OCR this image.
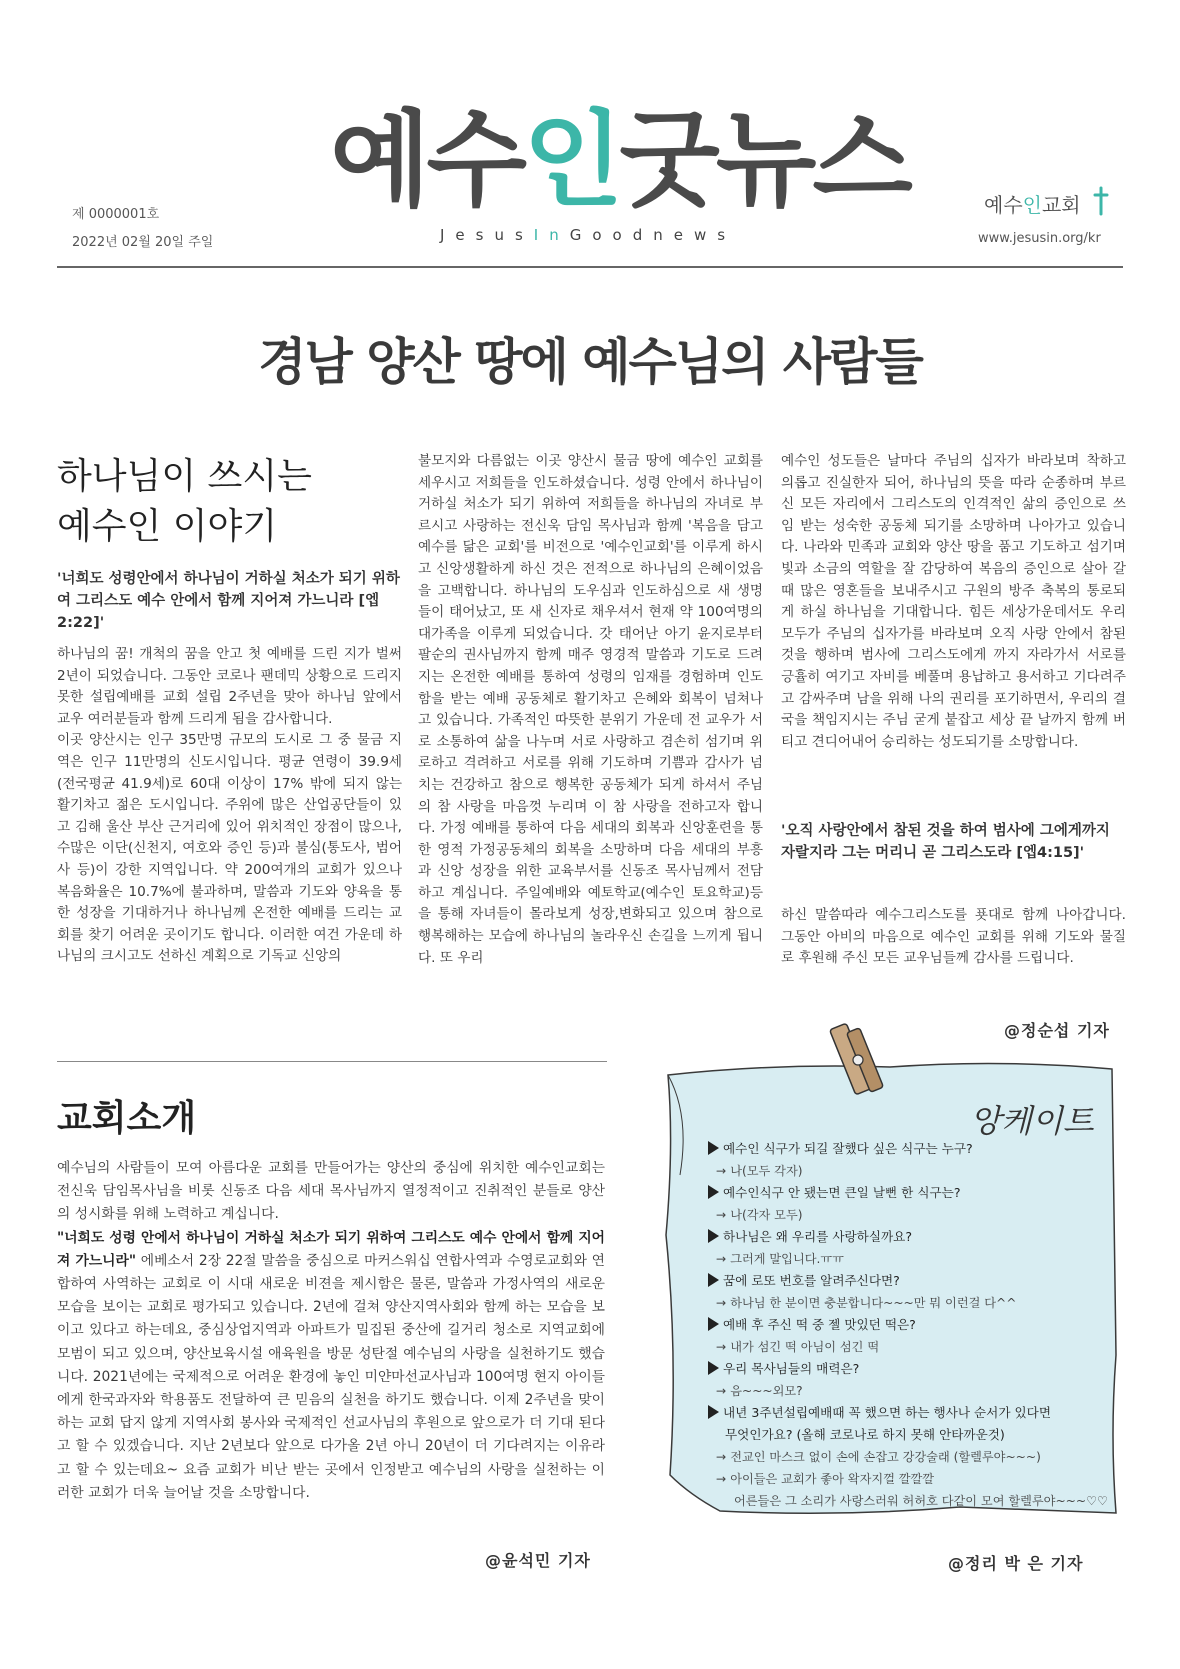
예수인굿뉴스
JesusInGoodnews
제 0000001호
2022년 02월 20일 주일
예수인교회
www.jesusin.org/kr
경남 양산 땅에 예수님의 사람들
하나님이 쓰시는
예수인 이야기
'너희도 성령안에서 하나님이 거하실 처소가 되기 위하여 그리스도 예수 안에서 함께 지어져 가느니라 [엡2:22]'

하나님의 꿈! 개척의 꿈을 안고 첫 예배를 드린 지가 벌써 2년이 되었습니다. 그동안 코로나 팬데믹 상황으로 드리지 못한 설립예배를 교회 설립 2주년을 맞아 하나님 앞에서 교우 여러분들과 함께 드리게 됨을 감사합니다.

이곳 양산시는 인구 35만명 규모의 도시로 그 중 물금 지역은 인구 11만명의 신도시입니다. 평균 연령이 39.9세(전국평균 41.9세)로 60대 이상이 17% 밖에 되지 않는 활기차고 젊은 도시입니다. 주위에 많은 산업공단들이 있고 김해 울산 부산 근거리에 있어 위치적인 장점이 많으나, 수많은 이단(신천지, 여호와 증인 등)과 불심(통도사, 범어사 등)이 강한 지역입니다. 약 200여개의 교회가 있으나 복음화율은 10.7%에 불과하며, 말씀과 기도와 양육을 통한 성장을 기대하거나 하나님께 온전한 예배를 드리는 교회를 찾기 어려운 곳이기도 합니다. 이러한 여건 가운데 하나님의 크시고도 선하신 계획으로 기독교 신앙의

불모지와 다름없는 이곳 양산시 물금 땅에 예수인 교회를 세우시고 저희들을 인도하셨습니다. 성령 안에서 하나님이 거하실 처소가 되기 위하여 저희들을 하나님의 자녀로 부르시고 사랑하는 전신욱 담임 목사님과 함께 '복음을 담고 예수를 닮은 교회'를 비전으로 '예수인교회'를 이루게 하시고 신앙생활하게 하신 것은 전적으로 하나님의 은혜이었음을 고백합니다. 하나님의 도우심과 인도하심으로 새 생명들이 태어났고, 또 새 신자로 채우셔서 현재 약 100여명의 대가족을 이루게 되었습니다. 갓 태어난 아기 윤지로부터 팔순의 권사님까지 함께 매주 영경적 말씀과 기도로 드려지는 온전한 예배를 통하여 성령의 임재를 경험하며 인도함을 받는 예배 공동체로 활기차고 은혜와 회복이 넘쳐나고 있습니다. 가족적인 따뜻한 분위기 가운데 전 교우가 서로 소통하여 삶을 나누며 서로 사랑하고 겸손히 섬기며 위로하고 격려하고 서로를 위해 기도하며 기쁨과 감사가 넘치는 건강하고 참으로 행복한 공동체가 되게 하셔서 주님의 참 사랑을 마음껏 누리며 이 참 사랑을 전하고자 합니다. 가정 예배를 통하여 다음 세대의 회복과 신앙훈련을 통한 영적 가정공동체의 회복을 소망하며 다음 세대의 부흥과 신앙 성장을 위한 교육부서를 신동조 목사님께서 전담하고 계십니다. 주일예배와 예토학교(예수인 토요학교)등을 통해 자녀들이 몰라보게 성장,변화되고 있으며 참으로 행복해하는 모습에 하나님의 놀라우신 손길을 느끼게 됩니다. 또 우리

예수인 성도들은 날마다 주님의 십자가 바라보며 착하고 의롭고 진실한자 되어, 하나님의 뜻을 따라 순종하며 부르신 모든 자리에서 그리스도의 인격적인 삶의 증인으로 쓰임 받는 성숙한 공동체 되기를 소망하며 나아가고 있습니다. 나라와 민족과 교회와 양산 땅을 품고 기도하고 섬기며 빛과 소금의 역할을 잘 감당하여 복음의 증인으로 살아 갈 때 많은 영혼들을 보내주시고 구원의 방주 축복의 통로되게 하실 하나님을 기대합니다. 힘든 세상가운데서도 우리 모두가 주님의 십자가를 바라보며 오직 사랑 안에서 참된 것을 행하며 범사에 그리스도에게 까지 자라가서 서로를 긍휼히 여기고 자비를 베풀며 용납하고 용서하고 기다려주고 감싸주며 남을 위해 나의 권리를 포기하면서, 우리의 결국을 책임지시는 주님 굳게 붙잡고 세상 끝 날까지 함께 버티고 견디어내어 승리하는 성도되기를 소망합니다.

'오직 사랑안에서 참된 것을 하여 범사에 그에게까지 자랄지라 그는 머리니 곧 그리스도라 [엡4:15]'

하신 말씀따라 예수그리스도를 푯대로 함께 나아갑니다. 그동안 아비의 마음으로 예수인 교회를 위해 기도와 물질로 후원해 주신 모든 교우님들께 감사를 드립니다.

@정순섭 기자
교회소개

예수님의 사람들이 모여 아름다운 교회를 만들어가는 양산의 중심에 위치한 예수인교회는 전신욱 담임목사님을 비롯 신동조 다음 세대 목사님까지 열정적이고 진취적인 분들로 양산의 성시화를 위해 노력하고 계십니다.
"너희도 성령 안에서 하나님이 거하실 처소가 되기 위하여 그리스도 예수 안에서 함께 지어져 가느니라" 에베소서 2장 22절 말씀을 중심으로 마커스워십 연합사역과 수영로교회와 연합하여 사역하는 교회로 이 시대 새로운 비젼을 제시함은 물론, 말씀과 가정사역의 새로운 모습을 보이는 교회로 평가되고 있습니다. 2년에 걸쳐 양산지역사회와 함께 하는 모습을 보이고 있다고 하는데요, 중심상업지역과 아파트가 밀집된 중산에 길거리 청소로 지역교회에 모범이 되고 있으며, 양산보육시설 애육원을 방문 성탄절 예수님의 사랑을 실천하기도 했습니다. 2021년에는 국제적으로 어려운 환경에 놓인 미얀마선교사님과 100여명 현지 아이들에게 한국과자와 학용품도 전달하여 큰 믿음의 실천을 하기도 했습니다. 이제 2주년을 맞이하는 교회 답지 않게 지역사회 봉사와 국제적인 선교사님의 후원으로 앞으로가 더 기대 된다고 할 수 있겠습니다. 지난 2년보다 앞으로 다가올 2년 아니 20년이 더 기다려지는 이유라고 할 수 있는데요~ 요즘 교회가 비난 받는 곳에서 인정받고 예수님의 사랑을 실천하는 이러한 교회가 더욱 늘어날 것을 소망합니다.

@윤석민 기자
앙케이트
예수인 식구가 되길 잘했다 싶은 식구는 누구?
→ 나(모두 각자)
예수인식구 안 됐는면 큰일 날뻔 한 식구는?
→ 나(각자 모두)
하나님은 왜 우리를 사랑하실까요?
→ 그러게 말입니다.ㅠㅠ
꿈에 로또 번호를 알려주신다면?
→ 하나님 한 분이면 충분합니다~~~만 뭐 이런걸 다^^
예배 후 주신 떡 중 젤 맛있던 떡은?
→ 내가 섬긴 떡 아님이 섬긴 떡
우리 목사님들의 매력은?
→ 음~~~외모?
내년 3주년설립예배때 꼭 했으면 하는 행사나 순서가 있다면
무엇인가요? (올해 코로나로 하지 못해 안타까운것)
→ 전교인 마스크 없이 손에 손잡고 강강술래 (할렐루야~~~)
→ 아이들은 교회가 좋아 왁자지껄 깔깔깔
어른들은 그 소리가 사랑스러워 허허호 다같이 모여 할렐루야~~~♡♡
@정리 박 은 기자
